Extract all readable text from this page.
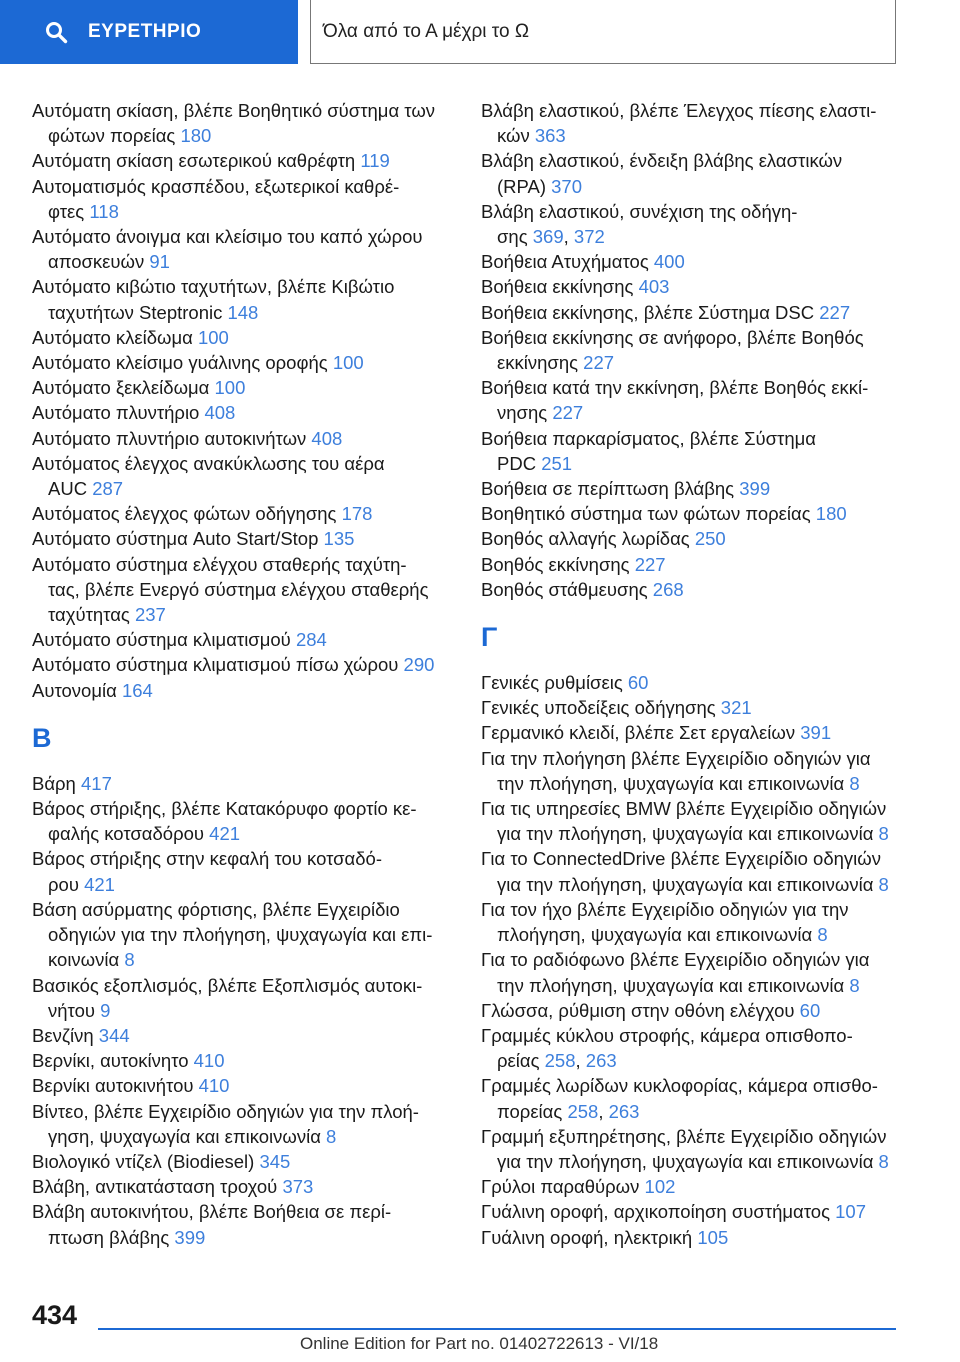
ΕΥΡΕΤΗΡΙΟ	Όλα από το Α μέχρι το Ω
Αυτόματη σκίαση, βλέπε Βοηθητικό σύστημα των
φώτων πορείας 180
Αυτόματη σκίαση εσωτερικού καθρέφτη 119
Αυτοματισμός κρασπέδου, εξωτερικοί καθρέ-
φτες 118
Αυτόματο άνοιγμα και κλείσιμο του καπό χώρου
αποσκευών 91
Αυτόματο κιβώτιο ταχυτήτων, βλέπε Κιβώτιο
ταχυτήτων Steptronic 148
Αυτόματο κλείδωμα 100
Αυτόματο κλείσιμο γυάλινης οροφής 100
Αυτόματο ξεκλείδωμα 100
Αυτόματο πλυντήριο 408
Αυτόματο πλυντήριο αυτοκινήτων 408
Αυτόματος έλεγχος ανακύκλωσης του αέρα
AUC 287
Αυτόματος έλεγχος φώτων οδήγησης 178
Αυτόματο σύστημα Auto Start/Stop 135
Αυτόματο σύστημα ελέγχου σταθερής ταχύτη-
τας, βλέπε Ενεργό σύστημα ελέγχου σταθερής
ταχύτητας 237
Αυτόματο σύστημα κλιματισμού 284
Αυτόματο σύστημα κλιματισμού πίσω χώρου 290
Αυτονομία 164
Β
Βάρη 417
Βάρος στήριξης, βλέπε Κατακόρυφο φορτίο κε-
φαλής κοτσαδόρου 421
Βάρος στήριξης στην κεφαλή του κοτσαδό-
ρου 421
Βάση ασύρματης φόρτισης, βλέπε Εγχειρίδιο
οδηγιών για την πλοήγηση, ψυχαγωγία και επι-
κοινωνία 8
Βασικός εξοπλισμός, βλέπε Εξοπλισμός αυτοκι-
νήτου 9
Βενζίνη 344
Βερνίκι, αυτοκίνητο 410
Βερνίκι αυτοκινήτου 410
Βίντεο, βλέπε Εγχειρίδιο οδηγιών για την πλοή-
γηση, ψυχαγωγία και επικοινωνία 8
Βιολογικό ντίζελ (Biodiesel) 345
Βλάβη, αντικατάσταση τροχού 373
Βλάβη αυτοκινήτου, βλέπε Βοήθεια σε περί-
πτωση βλάβης 399
Βλάβη ελαστικού, βλέπε Έλεγχος πίεσης ελαστι-
κών 363
Βλάβη ελαστικού, ένδειξη βλάβης ελαστικών
(RPA) 370
Βλάβη ελαστικού, συνέχιση της οδήγη-
σης 369, 372
Βοήθεια Ατυχήματος 400
Βοήθεια εκκίνησης 403
Βοήθεια εκκίνησης, βλέπε Σύστημα DSC 227
Βοήθεια εκκίνησης σε ανήφορο, βλέπε Βοηθός
εκκίνησης 227
Βοήθεια κατά την εκκίνηση, βλέπε Βοηθός εκκί-
νησης 227
Βοήθεια παρκαρίσματος, βλέπε Σύστημα
PDC 251
Βοήθεια σε περίπτωση βλάβης 399
Βοηθητικό σύστημα των φώτων πορείας 180
Βοηθός αλλαγής λωρίδας 250
Βοηθός εκκίνησης 227
Βοηθός στάθμευσης 268
Γ
Γενικές ρυθμίσεις 60
Γενικές υποδείξεις οδήγησης 321
Γερμανικό κλειδί, βλέπε Σετ εργαλείων 391
Για την πλοήγηση βλέπε Εγχειρίδιο οδηγιών για
την πλοήγηση, ψυχαγωγία και επικοινωνία 8
Για τις υπηρεσίες BMW βλέπε Εγχειρίδιο οδηγιών
για την πλοήγηση, ψυχαγωγία και επικοινωνία 8
Για το ConnectedDrive βλέπε Εγχειρίδιο οδηγιών
για την πλοήγηση, ψυχαγωγία και επικοινωνία 8
Για τον ήχο βλέπε Εγχειρίδιο οδηγιών για την
πλοήγηση, ψυχαγωγία και επικοινωνία 8
Για το ραδιόφωνο βλέπε Εγχειρίδιο οδηγιών για
την πλοήγηση, ψυχαγωγία και επικοινωνία 8
Γλώσσα, ρύθμιση στην οθόνη ελέγχου 60
Γραμμές κύκλου στροφής, κάμερα οπισθοπο-
ρείας 258, 263
Γραμμές λωρίδων κυκλοφορίας, κάμερα οπισθο-
πορείας 258, 263
Γραμμή εξυπηρέτησης, βλέπε Εγχειρίδιο οδηγιών
για την πλοήγηση, ψυχαγωγία και επικοινωνία 8
Γρύλοι παραθύρων 102
Γυάλινη οροφή, αρχικοποίηση συστήματος 107
Γυάλινη οροφή, ηλεκτρική 105
434
Online Edition for Part no. 01402722613 - VI/18
